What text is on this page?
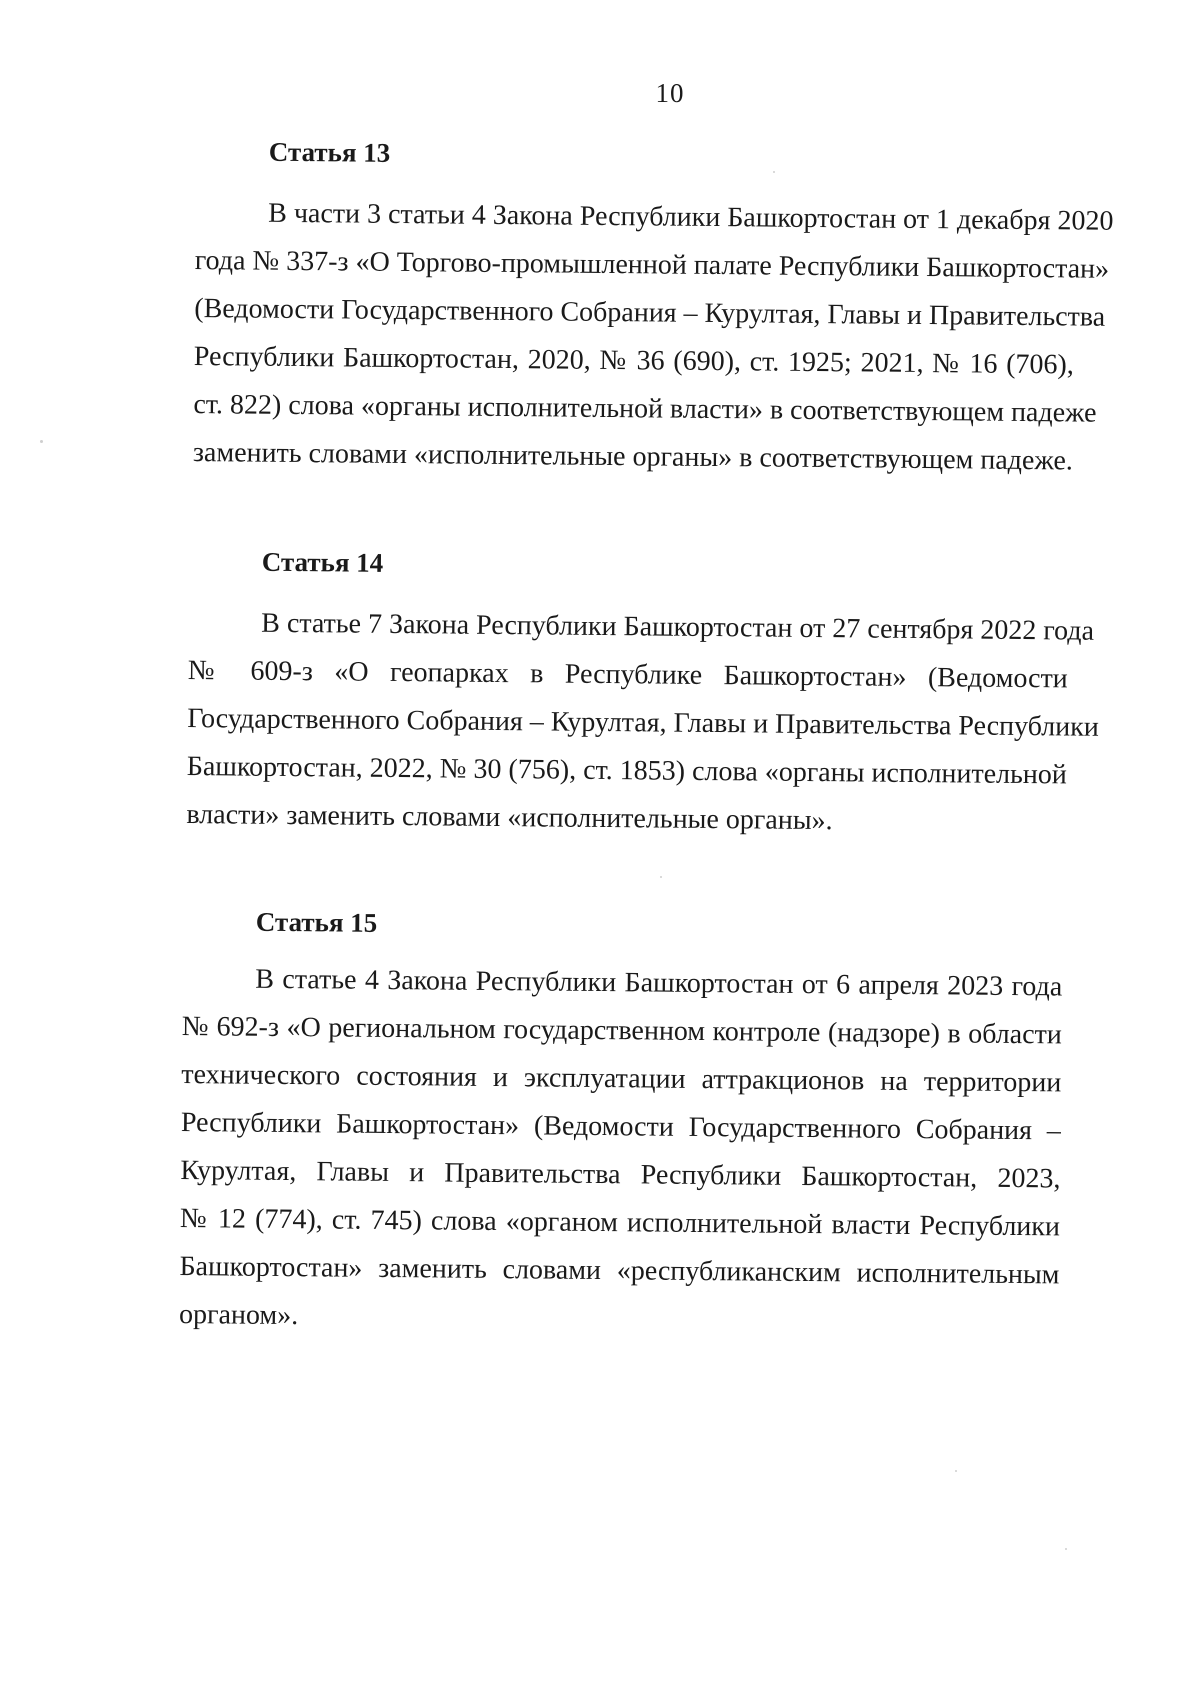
10
Статья 13
В части 3 статьи 4 Закона Республики Башкортостан от 1 декабря 2020
года № 337-з «О Торгово-промышленной палате Республики Башкортостан»
(Ведомости Государственного Собрания – Курултая, Главы и Правительства
Республики Башкортостан, 2020, № 36 (690), ст. 1925; 2021, № 16 (706),
ст. 822) слова «органы исполнительной власти» в соответствующем падеже
заменить словами «исполнительные органы» в соответствующем падеже.
Статья 14
В статье 7 Закона Республики Башкортостан от 27 сентября 2022 года
№ 609-з «О геопарках в Республике Башкортостан» (Ведомости
Государственного Собрания – Курултая, Главы и Правительства Республики
Башкортостан, 2022, № 30 (756), ст. 1853) слова «органы исполнительной
власти» заменить словами «исполнительные органы».
Статья 15
В статье 4 Закона Республики Башкортостан от 6 апреля 2023 года
№ 692-з «О региональном государственном контроле (надзоре) в области
технического состояния и эксплуатации аттракционов на территории
Республики Башкортостан» (Ведомости Государственного Собрания –
Курултая, Главы и Правительства Республики Башкортостан, 2023,
№ 12 (774), ст. 745) слова «органом исполнительной власти Республики
Башкортостан» заменить словами «республиканским исполнительным
органом».
